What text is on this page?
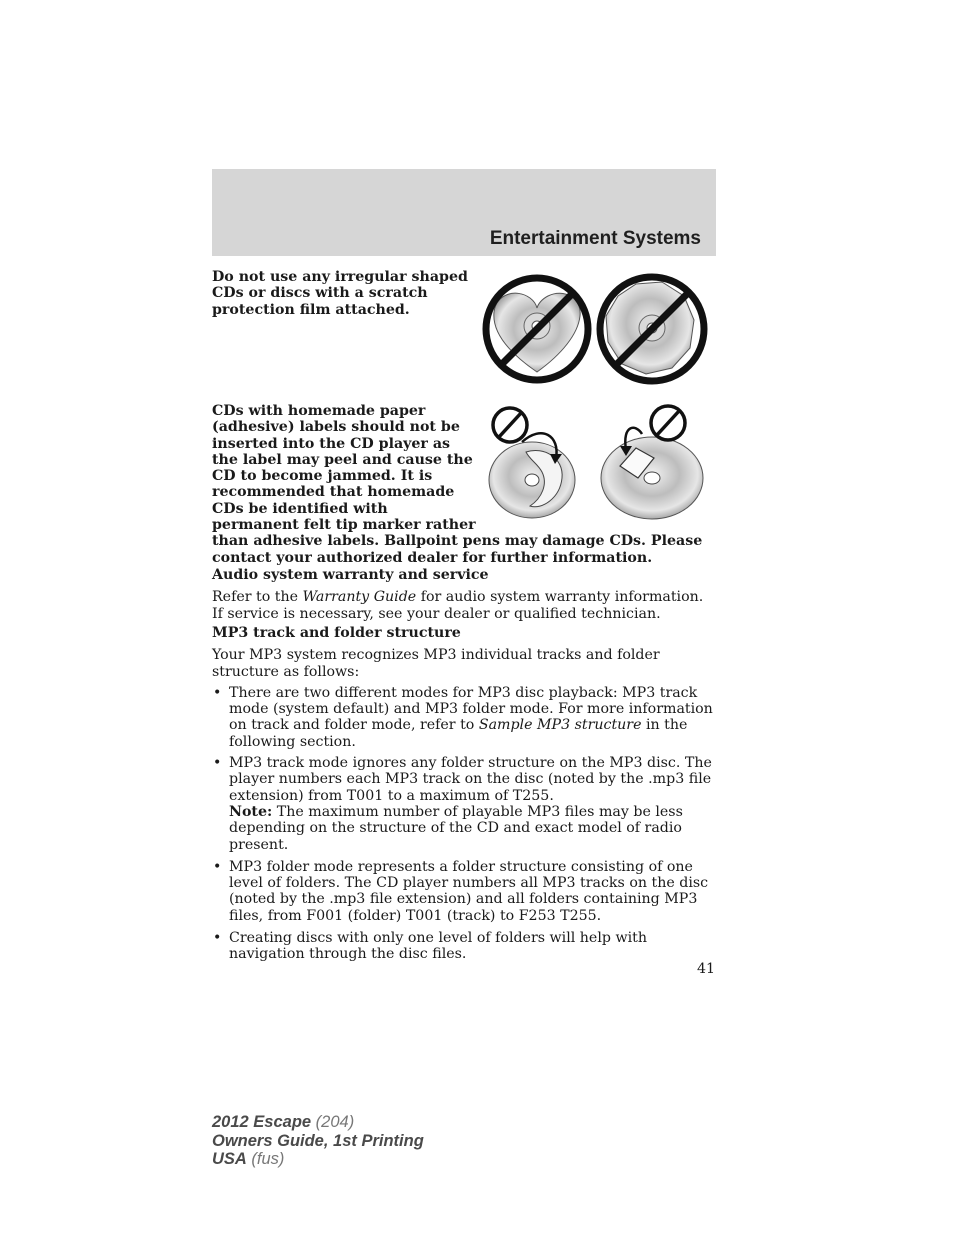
Entertainment Systems
Do not use any irregular shaped CDs or discs with a scratch protection film attached.
CDs with homemade paper
(adhesive) labels should not be
inserted into the CD player as
the label may peel and cause the
CD to become jammed. It is
recommended that homemade
CDs be identified with
permanent felt tip marker rather
than adhesive labels. Ballpoint pens may damage CDs. Please
contact your authorized dealer for further information.
Audio system warranty and service

Refer to the Warranty Guide for audio system warranty information. If service is necessary, see your dealer or qualified technician.

MP3 track and folder structure

Your MP3 system recognizes MP3 individual tracks and folder structure as follows:

• There are two different modes for MP3 disc playback: MP3 track mode (system default) and MP3 folder mode. For more information on track and folder mode, refer to Sample MP3 structure in the following section.
• MP3 track mode ignores any folder structure on the MP3 disc. The player numbers each MP3 track on the disc (noted by the .mp3 file extension) from T001 to a maximum of T255.
Note: The maximum number of playable MP3 files may be less depending on the structure of the CD and exact model of radio present.
• MP3 folder mode represents a folder structure consisting of one level of folders. The CD player numbers all MP3 tracks on the disc (noted by the .mp3 file extension) and all folders containing MP3 files, from F001 (folder) T001 (track) to F253 T255.
• Creating discs with only one level of folders will help with navigation through the disc files.
41
2012 Escape (204)
Owners Guide, 1st Printing
USA (fus)
